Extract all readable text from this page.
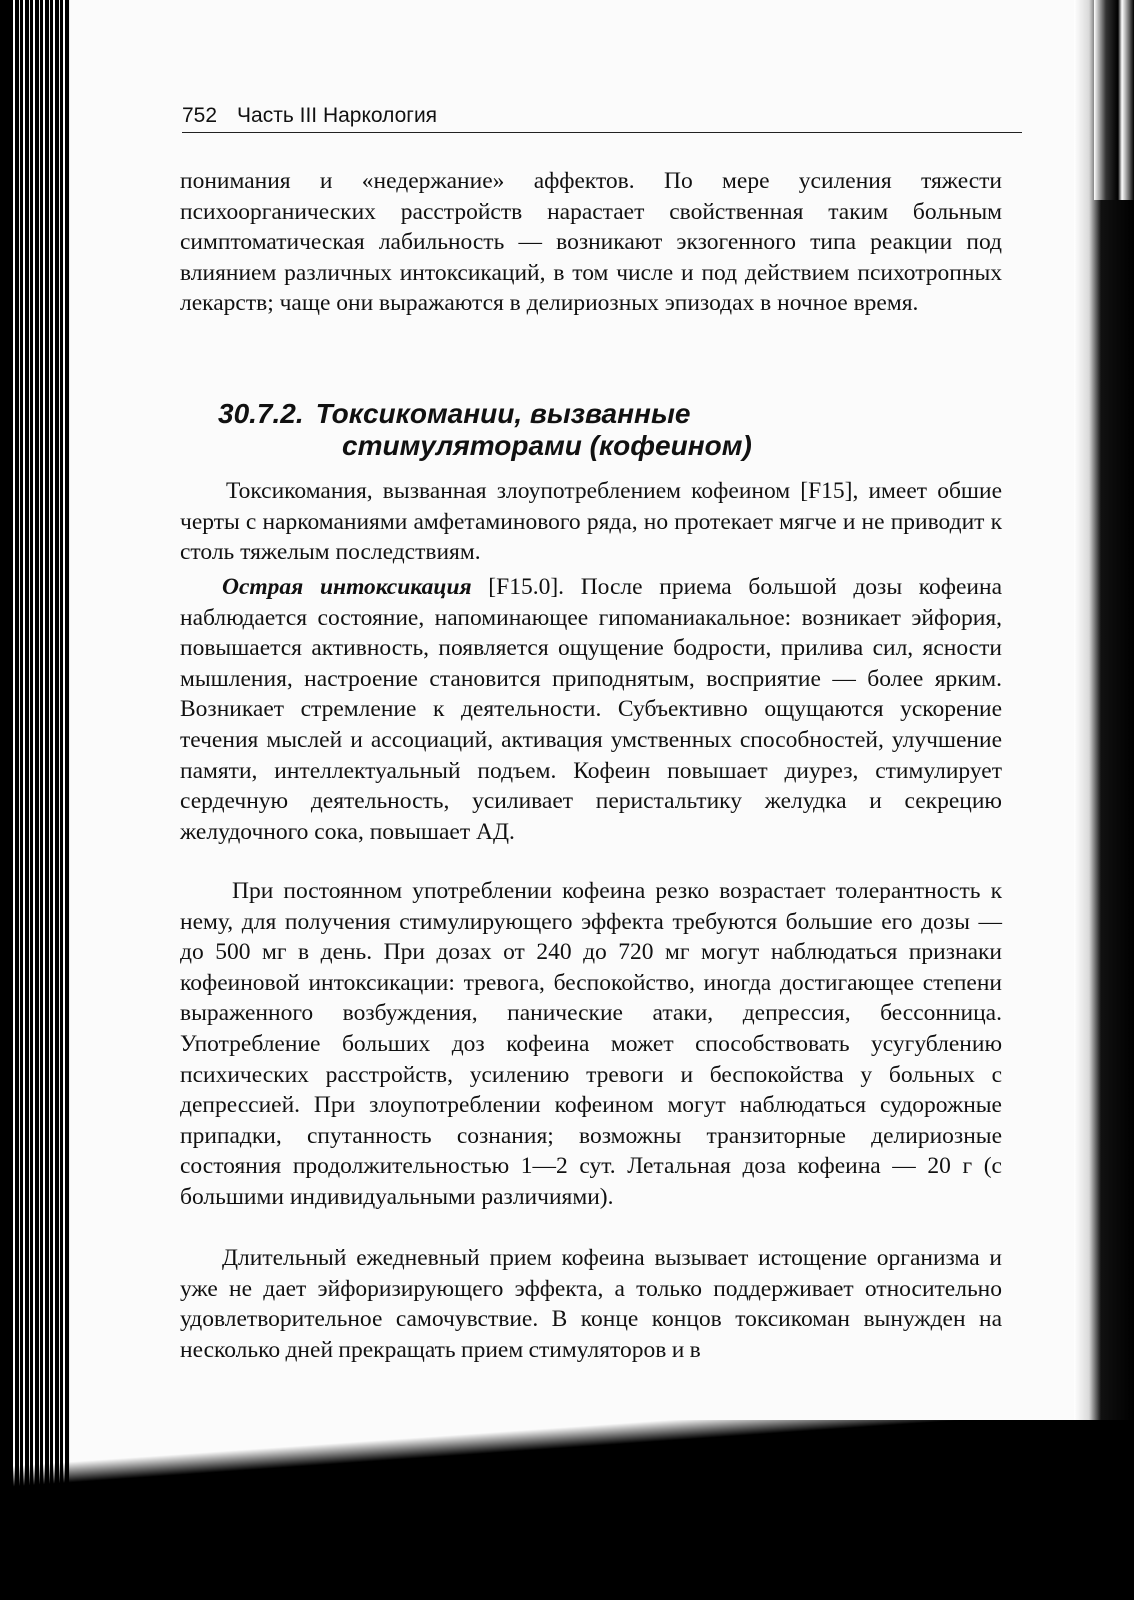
752 Часть III Наркология

понимания и «недержание» аффектов. По мере усиления тяжести психоорганических расстройств нарастает свойственная таким больным симптоматическая лабильность — возникают экзогенного типа реакции под влиянием различных интоксикаций, в том числе и под действием психотропных лекарств; чаще они выражаются в делириозных эпизодах в ночное время.

30.7.2. Токсикомании, вызванные
стимуляторами (кофеином)

Токсикомания, вызванная злоупотреблением кофеином [F15], имеет обшие черты с наркоманиями амфетаминового ряда, но протекает мягче и не приводит к столь тяжелым последствиям.

Острая интоксикация [F15.0]. После приема большой дозы кофеина наблюдается состояние, напоминающее гипоманиакальное: возникает эйфория, повышается активность, появляется ощущение бодрости, прилива сил, ясности мышления, настроение становится приподнятым, восприятие — более ярким. Возникает стремление к деятельности. Субъективно ощущаются ускорение течения мыслей и ассоциаций, активация умственных способностей, улучшение памяти, интеллектуальный подъем. Кофеин повышает диурез, стимулирует сердечную деятельность, усиливает перистальтику желудка и секрецию желудочного сока, повышает АД.

При постоянном употреблении кофеина резко возрастает толерантность к нему, для получения стимулирующего эффекта требуются большие его дозы — до 500 мг в день. При дозах от 240 до 720 мг могут наблюдаться признаки кофеиновой интоксикации: тревога, беспокойство, иногда достигающее степени выраженного возбуждения, панические атаки, депрессия, бессонница. Употребление больших доз кофеина может способствовать усугублению психических расстройств, усилению тревоги и беспокойства у больных с депрессией. При злоупотреблении кофеином могут наблюдаться судорожные припадки, спутанность сознания; возможны транзиторные делириозные состояния продолжительностью 1—2 сут. Летальная доза кофеина — 20 г (с большими индивидуальными различиями).

Длительный ежедневный прием кофеина вызывает истощение организма и уже не дает эйфоризирующего эффекта, а только поддерживает относительно удовлетворительное самочувствие. В конце концов токсикоман вынужден на несколько дней прекращать прием стимуляторов и в
